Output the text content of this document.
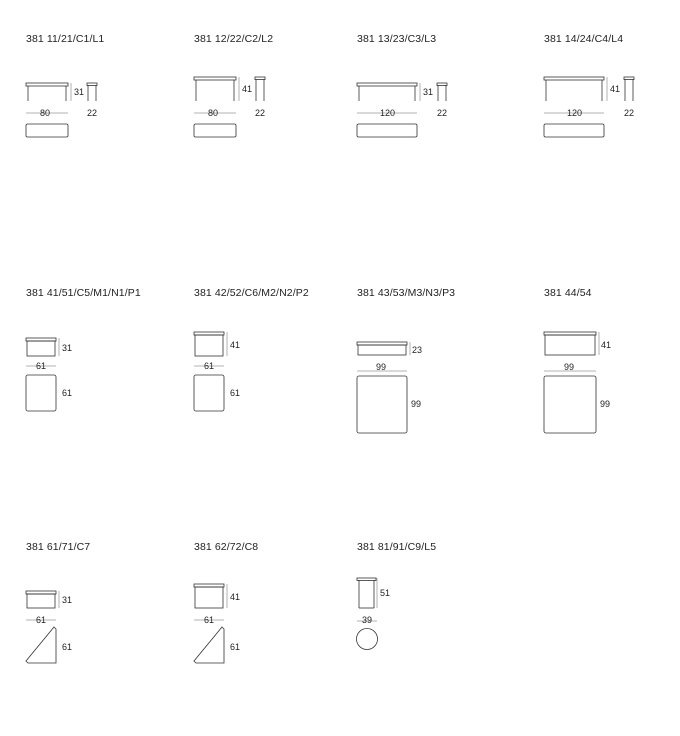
381 11/21/C1/L1	381 12/22/C2/L2	381 13/23/C3/L3	381 14/24/C4/L4
381 41/51/C5/M1/N1/P1	381 42/52/C6/M2/N2/P2	381 43/53/M3/N3/P3	381 44/54
381 61/71/C7	381 62/72/C8	381 81/91/C9/L5
31
80	22
41
80	22
31
120	22
41
120	22
31
61
61
41
61
61
23
99
99
41
99
99
31
61
61
41
61
61
51
39
